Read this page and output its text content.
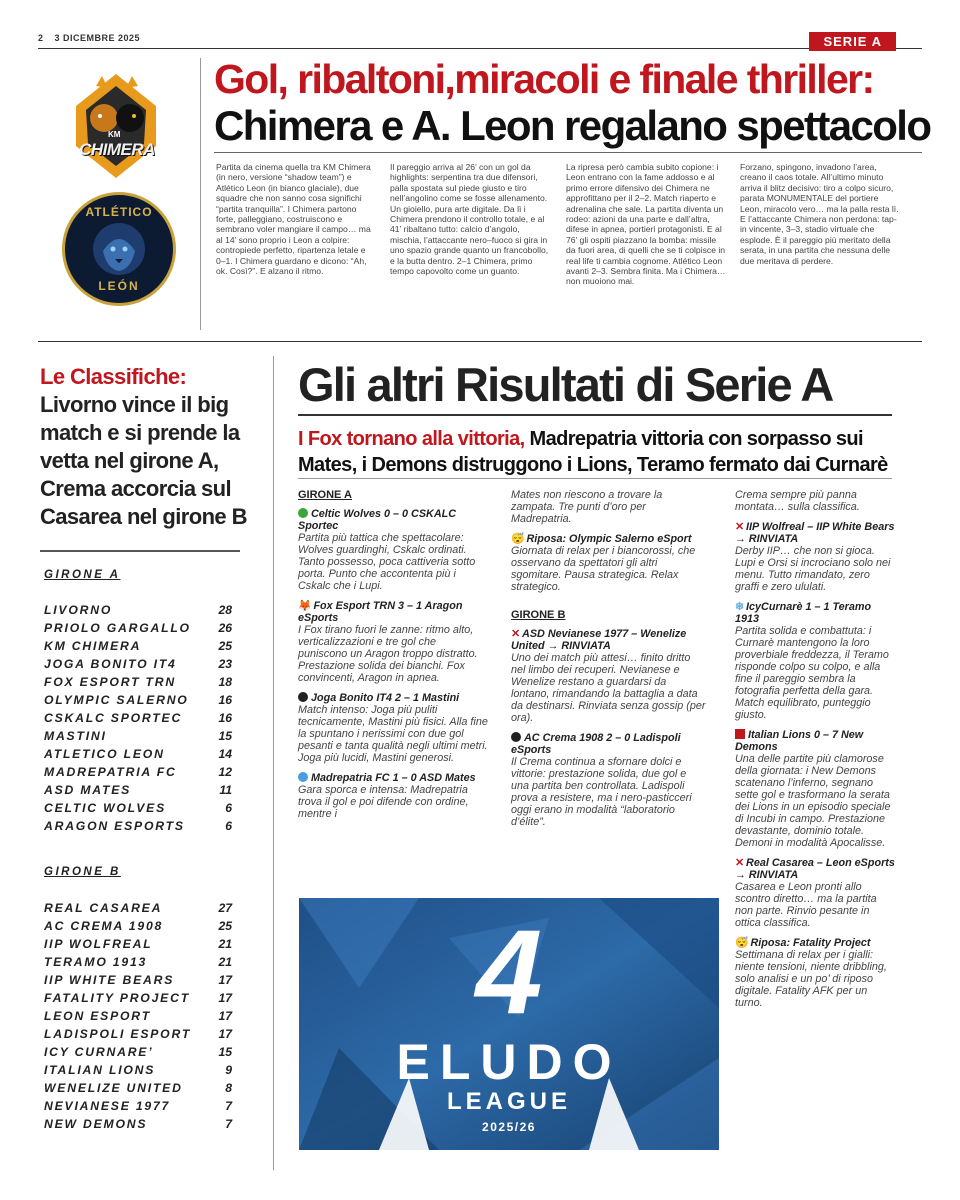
2 3 DICEMBRE 2025	SERIE A
KM
CHIMERA
ATLÉTICO
LEÓN
Gol, ribaltoni,miracoli e finale thriller:
Chimera e A. Leon regalano spettacolo

Partita da cinema quella tra KM Chimera (in nero, versione “shadow team”) e Atlético Leon (in bianco glaciale), due squadre che non sanno cosa significhi “partita tranquilla”. I Chimera partono forte, palleggiano, costruiscono e sembrano voler mangiare il campo… ma al 14’ sono proprio i Leon a colpire: contropiede perfetto, ripartenza letale e 0–1. I Chimera guardano e dicono: “Ah, ok. Così?”. E alzano il ritmo.

Il pareggio arriva al 26’ con un gol da highlights: serpentina tra due difensori, palla spostata sul piede giusto e tiro nell’angolino come se fosse allenamento. Un gioiello, pura arte digitale. Da lì i Chimera prendono il controllo totale, e al 41’ ribaltano tutto: calcio d’angolo, mischia, l’attaccante nero–fuoco si gira in uno spazio grande quanto un francobollo, e la butta dentro. 2–1 Chimera, primo tempo capovolto come un guanto.

La ripresa però cambia subito copione: i Leon entrano con la fame addosso e al primo errore difensivo dei Chimera ne approfittano per il 2–2. Match riaperto e adrenalina che sale. La partita diventa un rodeo: azioni da una parte e dall’altra, difese in apnea, portieri protagonisti. E al 76’ gli ospiti piazzano la bomba: missile da fuori area, di quelli che se ti colpisce in real life ti cambia cognome. Atlético Leon avanti 2–3. Sembra finita. Ma i Chimera… non muoiono mai.

Forzano, spingono, invadono l’area, creano il caos totale. All’ultimo minuto arriva il blitz decisivo: tiro a colpo sicuro, parata MONUMENTALE del portiere Leon, miracolo vero… ma la palla resta lì. E l’attaccante Chimera non perdona: tap-in vincente, 3–3, stadio virtuale che esplode. È il pareggio più meritato della serata, in una partita che nessuna delle due meritava di perdere.

Le Classifiche:
Livorno vince il big match e si prende la vetta nel girone A, Crema accorcia sul Casarea nel girone B
GIRONE A
LIVORNO	28
PRIOLO GARGALLO 26
KM CHIMERA	25
JOGA BONITO IT4	23
FOX ESPORT TRN	18
OLYMPIC SALERNO 16
CSKALC SPORTEC	16
MASTINI	15
ATLETICO LEON	14
MADREPATRIA FC	12
ASD MATES	11
CELTIC WOLVES	6
ARAGON ESPORTS	6
GIRONE B
REAL CASAREA	27
AC CREMA 1908	25
IIP WOLFREAL	21
TERAMO 1913	21
IIP WHITE BEARS	17
FATALITY PROJECT 17
LEON ESPORT	17
LADISPOLI ESPORT 17
ICY CURNARE’	15
ITALIAN LIONS	9
WENELIZE UNITED	8
NEVIANESE 1977	7
NEW DEMONS	7
Gli altri Risultati di Serie A
I Fox tornano alla vittoria, Madrepatria vittoria con sorpasso sui Mates, i Demons distruggono i Lions, Teramo fermato dai Curnarè
GIRONE A
Celtic Wolves 0 – 0 CSKALC Sportec
Partita più tattica che spettacolare: Wolves guardinghi, Cskalc ordinati. Tanto possesso, poca cattiveria sotto porta. Punto che accontenta più i Cskalc che i Lupi.
🦊 Fox Esport TRN 3 – 1 Aragon eSports
I Fox tirano fuori le zanne: ritmo alto, verticalizzazioni e tre gol che puniscono un Aragon troppo distratto. Prestazione solida dei bianchi. Fox convincenti, Aragon in apnea.
Joga Bonito IT4 2 – 1 Mastini
Match intenso: Joga più puliti tecnicamente, Mastini più fisici. Alla fine la spuntano i nerissimi con due gol pesanti e tanta qualità negli ultimi metri. Joga più lucidi, Mastini generosi.
Madrepatria FC 1 – 0 ASD Mates
Gara sporca e intensa: Madrepatria trova il gol e poi difende con ordine, mentre i
Mates non riescono a trovare la zampata. Tre punti d’oro per Madrepatria.
😴 Riposa: Olympic Salerno eSport
Giornata di relax per i biancorossi, che osservano da spettatori gli altri sgomitare. Pausa strategica. Relax strategico.
GIRONE B
✕ ASD Nevianese 1977 – Wenelize United → RINVIATA
Uno dei match più attesi… finito dritto nel limbo dei recuperi. Nevianese e Wenelize restano a guardarsi da lontano, rimandando la battaglia a data da destinarsi. Rinviata senza gossip (per ora).
AC Crema 1908 2 – 0 Ladispoli eSports
Il Crema continua a sfornare dolci e vittorie: prestazione solida, due gol e una partita ben controllata. Ladispoli prova a resistere, ma i nero-pasticceri oggi erano in modalità “laboratorio d’élite”.
Crema sempre più panna montata… sulla classifica.
✕ IIP Wolfreal – IIP White Bears → RINVIATA
Derby IIP… che non si gioca. Lupi e Orsi si incrociano solo nei menu. Tutto rimandato, zero graffi e zero ululati.
❄ IcyCurnarè 1 – 1 Teramo 1913
Partita solida e combattuta: i Curnarè mantengono la loro proverbiale freddezza, il Teramo risponde colpo su colpo, e alla fine il pareggio sembra la fotografia perfetta della gara. Match equilibrato, punteggio giusto.
Italian Lions 0 – 7 New Demons
Una delle partite più clamorose della giornata: i New Demons scatenano l’inferno, segnano sette gol e trasformano la serata dei Lions in un episodio speciale di Incubi in campo. Prestazione devastante, dominio totale. Demoni in modalità Apocalisse.
✕ Real Casarea – Leon eSports → RINVIATA
Casarea e Leon pronti allo scontro diretto… ma la partita non parte. Rinvio pesante in ottica classifica.
😴 Riposa: Fatality Project
Settimana di relax per i gialli: niente tensioni, niente dribbling, solo analisi e un po’ di riposo digitale. Fatality AFK per un turno.
4
ELUDO
LEAGUE
2025/26
